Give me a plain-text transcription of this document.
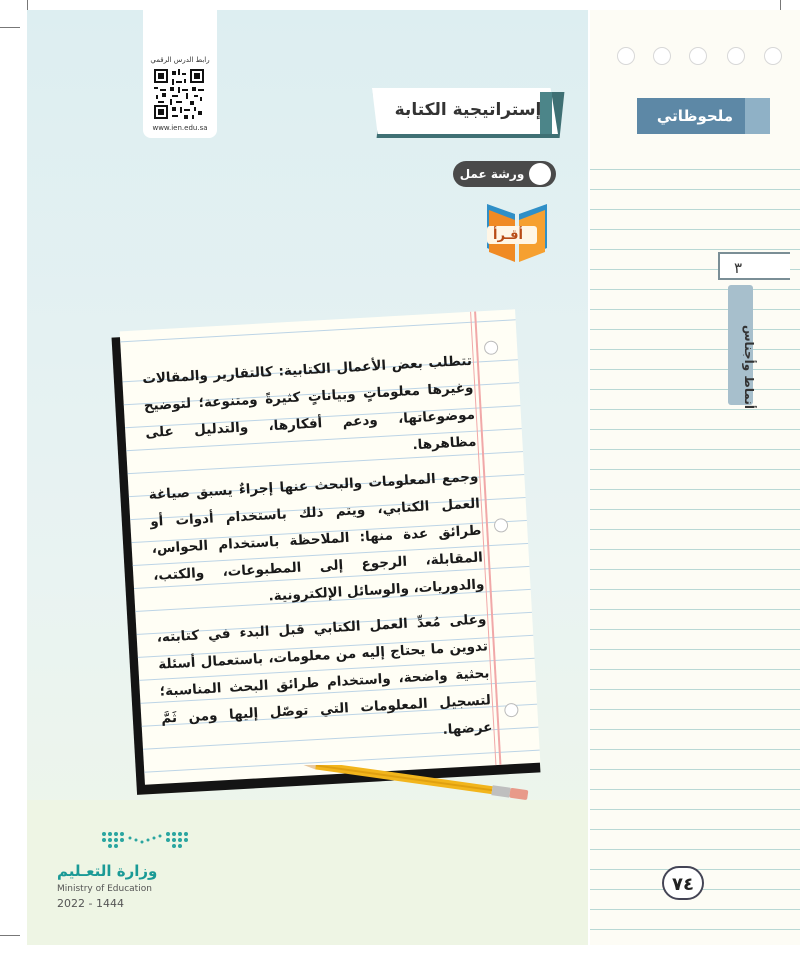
ملحوظاتي
٣
وأجناس
٧٤
رابط الدرس الرقمي
www.ien.edu.sa
إستراتيجية الكتابة
ورشة عمل
أقـرأ

تتطلب بعض الأعمال الكتابية: كالتقارير والمقالات وغيرها معلوماتٍ وبياناتٍ كثيرةً ومتنوعة؛ لتوضيح موضوعاتها، ودعم أفكارها، والتدليل على مظاهرها.

وجمع المعلومات والبحث عنها إجراءٌ يسبق صياغة العمل الكتابي، ويتم ذلك باستخدام أدوات أو طرائق عدة منها: الملاحظة باستخدام الحواس، المقابلة، الرجوع إلى المطبوعات، والكتب، والدوريات، والوسائل الإلكترونية.

وعلى مُعدِّ العمل الكتابي قبل البدء في كتابته، تدوين ما يحتاج إليه من معلومات، باستعمال أسئلة بحثية واضحة، واستخدام طرائق البحث المناسبة؛ لتسجيل المعلومات التي توصّل إليها ومن ثَمَّ عرضها.

وزارة التعـليم
Ministry of Education
2022 - 1444
